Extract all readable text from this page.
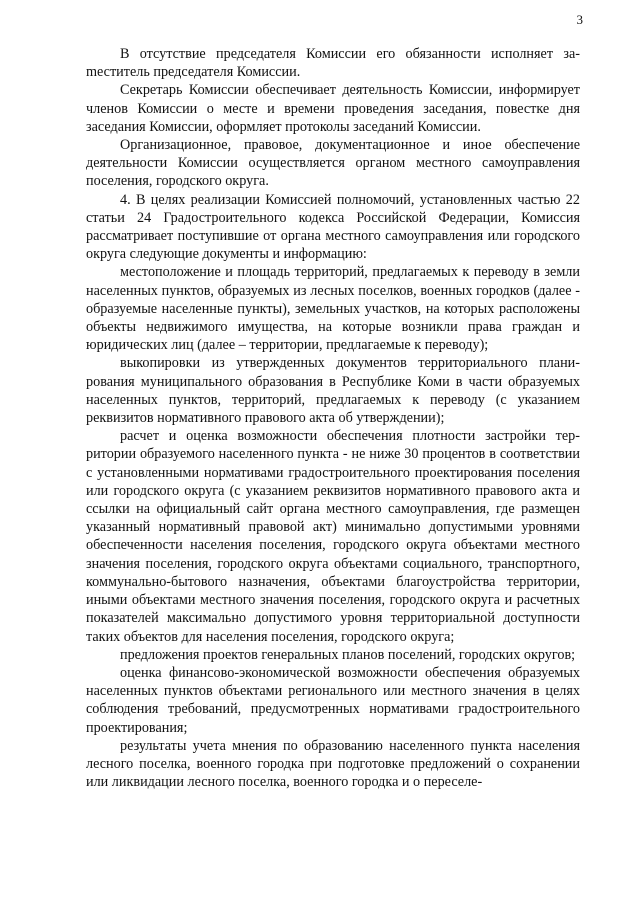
3

В отсутствие председателя Комиссии его обязанности исполняет заmеститель председателя Комиссии.

Секретарь Комиссии обеспечивает деятельность Комиссии, информирует членов Комиссии о месте и времени проведения заседания, повестке дня заседания Комиссии, оформляет протоколы заседаний Комиссии.

Организационное, правовое, документационное и иное обеспечение деятельности Комиссии осуществляется органом местного самоуправления поселения, городского округа.

4. В целях реализации Комиссией полномочий, установленных частью 22 статьи 24 Градостроительного кодекса Российской Федерации, Комиссия рассматривает поступившие от органа местного самоуправления или городского округа следующие документы и информацию:

местоположение и площадь территорий, предлагаемых к переводу в земли населенных пунктов, образуемых из лесных поселков, военных городков (далее - образуемые населенные пункты), земельных участков, на которых расположены объекты недвижимого имущества, на которые возникли права граждан и юридических лиц (далее – территории, предлагаемые к переводу);

выкопировки из утвержденных документов территориального планирования муниципального образования в Республике Коми в части образуемых населенных пунктов, территорий, предлагаемых к переводу (с указанием реквизитов нормативного правового акта об утверждении);

расчет и оценка возможности обеспечения плотности застройки территории образуемого населенного пункта - не ниже 30 процентов в соответствии с установленными нормативами градостроительного проектирования поселения или городского округа (с указанием реквизитов нормативного правового акта и ссылки на официальный сайт органа местного самоуправления, где размещен указанный нормативный правовой акт) минимально допустимыми уровнями обеспеченности населения поселения, городского округа объектами местного значения поселения, городского округа объектами социального, транспортного, коммунально-бытового назначения, объектами благоустройства территории, иными объектами местного значения поселения, городского округа и расчетных показателей максимально допустимого уровня территориальной доступности таких объектов для населения поселения, городского округа;

предложения проектов генеральных планов поселений, городских округов;

оценка финансово-экономической возможности обеспечения образуемых населенных пунктов объектами регионального или местного значения в целях соблюдения требований, предусмотренных нормативами градостроительного проектирования;

результаты учета мнения по образованию населенного пункта населения лесного поселка, военного городка при подготовке предложений о сохранении или ликвидации лесного поселка, военного городка и о переселе-
